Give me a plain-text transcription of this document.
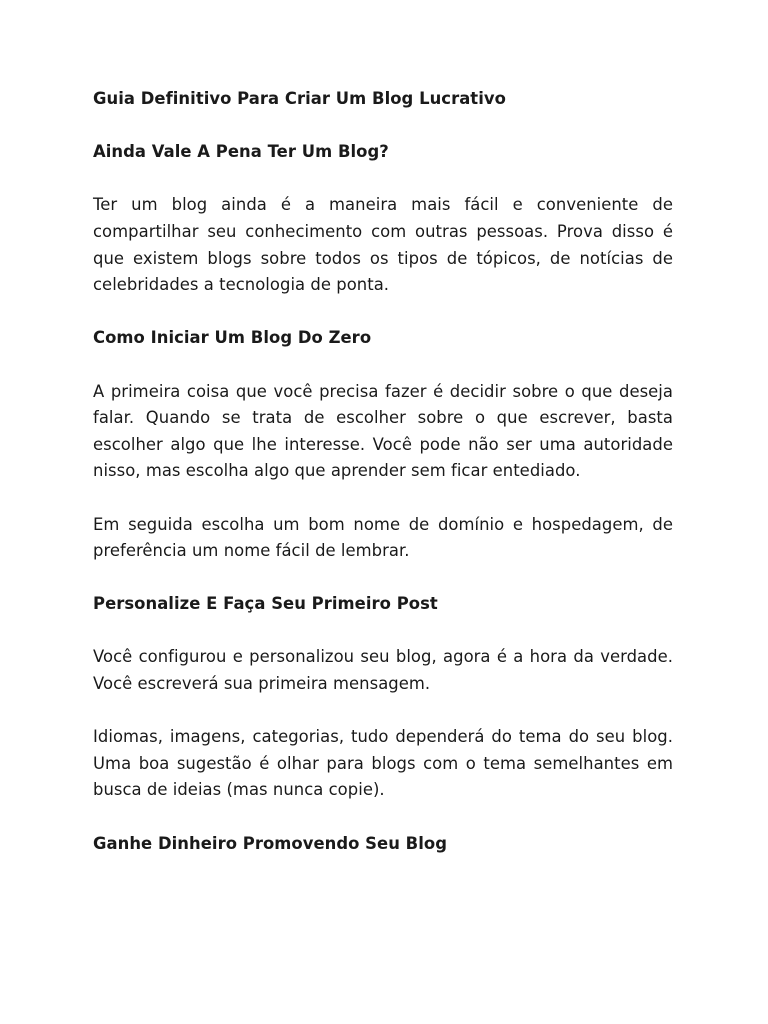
Guia Definitivo Para Criar Um Blog Lucrativo
Ainda Vale A Pena Ter Um Blog?
Ter um blog ainda é a maneira mais fácil e conveniente de
compartilhar seu conhecimento com outras pessoas. Prova disso é
que existem blogs sobre todos os tipos de tópicos, de notícias de
celebridades a tecnologia de ponta.
Como Iniciar Um Blog Do Zero
A primeira coisa que você precisa fazer é decidir sobre o que deseja
falar. Quando se trata de escolher sobre o que escrever, basta
escolher algo que lhe interesse. Você pode não ser uma autoridade
nisso, mas escolha algo que aprender sem ficar entediado.
Em seguida escolha um bom nome de domínio e hospedagem, de
preferência um nome fácil de lembrar.
Personalize E Faça Seu Primeiro Post
Você configurou e personalizou seu blog, agora é a hora da verdade.
Você escreverá sua primeira mensagem.
Idiomas, imagens, categorias, tudo dependerá do tema do seu blog.
Uma boa sugestão é olhar para blogs com o tema semelhantes em
busca de ideias (mas nunca copie).
Ganhe Dinheiro Promovendo Seu Blog
